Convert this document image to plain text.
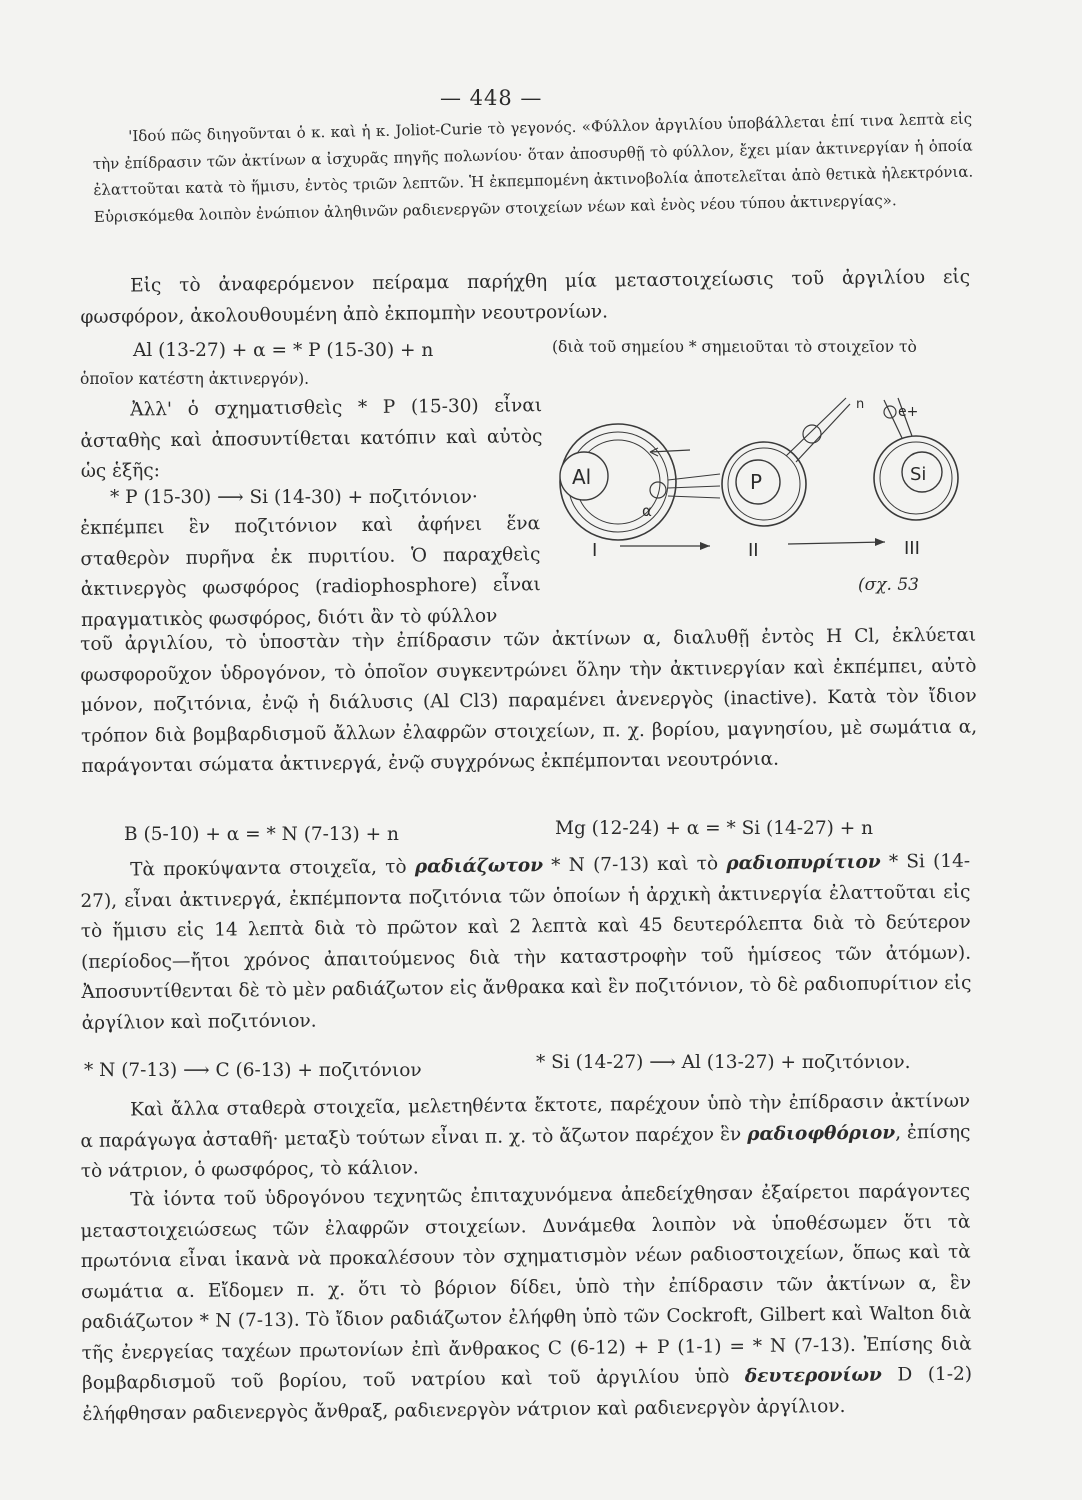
— 448 —
'Ιδού πῶς διηγοῦνται ὁ κ. καὶ ἡ κ. Joliot-Curie τὸ γεγονός. «Φύλλον ἀργιλίου ὑποβάλλεται ἐπί τινα λεπτὰ εἰς τὴν ἐπίδρασιν τῶν ἀκτίνων α ἰσχυρᾶς πηγῆς πολωνίου· ὅταν ἀποσυρθῇ τὸ φύλλον, ἔχει μίαν ἀκτινεργίαν ἡ ὁποία ἐλαττοῦται κατὰ τὸ ἥμισυ, ἐντὸς τριῶν λεπτῶν. Ἡ ἐκπεμπομένη ἀκτινοβολία ἀποτελεῖται ἀπὸ θετικὰ ἠλεκτρόνια. Εὑρισκόμεθα λοιπὸν ἐνώπιον ἀληθινῶν ραδιενεργῶν στοιχείων νέων καὶ ἑνὸς νέου τύπου ἀκτινεργίας».
Εἰς τὸ ἀναφερόμενον πείραμα παρήχθη μία μεταστοιχείωσις τοῦ ἀργιλίου εἰς φωσφόρον, ἀκολουθουμένη ἀπὸ ἐκπομπὴν νεουτρονίων.
Al (13-27) + α = * P (15-30) + n	(διὰ τοῦ σημείου * σημειοῦται τὸ στοιχεῖον τὸ
ὁποῖον κατέστη ἀκτινεργόν).
Ἀλλ' ὁ σχηματισθεὶς * P (15-30) εἶναι ἀσταθὴς καὶ ἀποσυντίθεται κατόπιν καὶ αὐτὸς ὡς ἑξῆς:
* P (15-30) ⟶ Si (14-30) + ποζιτόνιον·
ἐκπέμπει ἓν ποζιτόνιον καὶ ἀφήνει ἕνα σταθερὸν πυρῆνα ἐκ πυριτίου. Ὁ παραχθεὶς ἀκτινεργὸς φωσφόρος (radiophosphore) εἶναι πραγματικὸς φωσφόρος, διότι ἂν τὸ φύλλον
Al
α
P
n
Si
e+
I	II	III
(σχ. 53
τοῦ ἀργιλίου, τὸ ὑποστὰν τὴν ἐπίδρασιν τῶν ἀκτίνων α, διαλυθῇ ἐντὸς H Cl, ἐκλύεται φωσφοροῦχον ὑδρογόνον, τὸ ὁποῖον συγκεντρώνει ὅλην τὴν ἀκτινεργίαν καὶ ἐκπέμπει, αὐτὸ μόνον, ποζιτόνια, ἐνῷ ἡ διάλυσις (Al Cl3) παραμένει ἀνενεργὸς (inactive). Κατὰ τὸν ἴδιον τρόπον διὰ βομβαρδισμοῦ ἄλλων ἐλαφρῶν στοιχείων, π. χ. βορίου, μαγνησίου, μὲ σωμάτια α, παράγονται σώματα ἀκτινεργά, ἐνῷ συγχρόνως ἐκπέμπονται νεουτρόνια.
B (5-10) + α = * N (7-13) + n	Mg (12-24) + α = * Si (14-27) + n
Τὰ προκύψαντα στοιχεῖα, τὸ ραδιάζωτον * N (7-13) καὶ τὸ ραδιοπυρίτιον * Si (14-27), εἶναι ἀκτινεργά, ἐκπέμποντα ποζιτόνια τῶν ὁποίων ἡ ἀρχικὴ ἀκτινεργία ἐλαττοῦται εἰς τὸ ἥμισυ εἰς 14 λεπτὰ διὰ τὸ πρῶτον καὶ 2 λεπτὰ καὶ 45 δευτερόλεπτα διὰ τὸ δεύτερον (περίοδος—ἤτοι χρόνος ἀπαιτούμενος διὰ τὴν καταστροφὴν τοῦ ἡμίσεος τῶν ἀτόμων). Ἀποσυντίθενται δὲ τὸ μὲν ραδιάζωτον εἰς ἄνθρακα καὶ ἓν ποζιτόνιον, τὸ δὲ ραδιοπυρίτιον εἰς ἀργίλιον καὶ ποζιτόνιον.
* N (7-13) ⟶ C (6-13) + ποζιτόνιον	* Si (14-27) ⟶ Al (13-27) + ποζιτόνιον.
Καὶ ἄλλα σταθερὰ στοιχεῖα, μελετηθέντα ἔκτοτε, παρέχουν ὑπὸ τὴν ἐπίδρασιν ἀκτίνων α παράγωγα ἀσταθῆ· μεταξὺ τούτων εἶναι π. χ. τὸ ἄζωτον παρέχον ἓν ραδιοφθόριον, ἐπίσης τὸ νάτριον, ὁ φωσφόρος, τὸ κάλιον.
Τὰ ἰόντα τοῦ ὑδρογόνου τεχνητῶς ἐπιταχυνόμενα ἀπεδείχθησαν ἐξαίρετοι παράγοντες μεταστοιχειώσεως τῶν ἐλαφρῶν στοιχείων. Δυνάμεθα λοιπὸν νὰ ὑποθέσωμεν ὅτι τὰ πρωτόνια εἶναι ἱκανὰ νὰ προκαλέσουν τὸν σχηματισμὸν νέων ραδιοστοιχείων, ὅπως καὶ τὰ σωμάτια α. Εἴδομεν π. χ. ὅτι τὸ βόριον δίδει, ὑπὸ τὴν ἐπίδρασιν τῶν ἀκτίνων α, ἓν ραδιάζωτον * N (7-13). Τὸ ἴδιον ραδιάζωτον ἐλήφθη ὑπὸ τῶν Cockroft, Gilbert καὶ Walton διὰ τῆς ἐνεργείας ταχέων πρωτονίων ἐπὶ ἄνθρακος C (6-12) + P (1-1) = * N (7-13). Ἐπίσης διὰ βομβαρδισμοῦ τοῦ βορίου, τοῦ νατρίου καὶ τοῦ ἀργιλίου ὑπὸ δευτερονίων D (1-2) ἐλήφθησαν ραδιενεργὸς ἄνθραξ, ραδιενεργὸν νάτριον καὶ ραδιενεργὸν ἀργίλιον.
